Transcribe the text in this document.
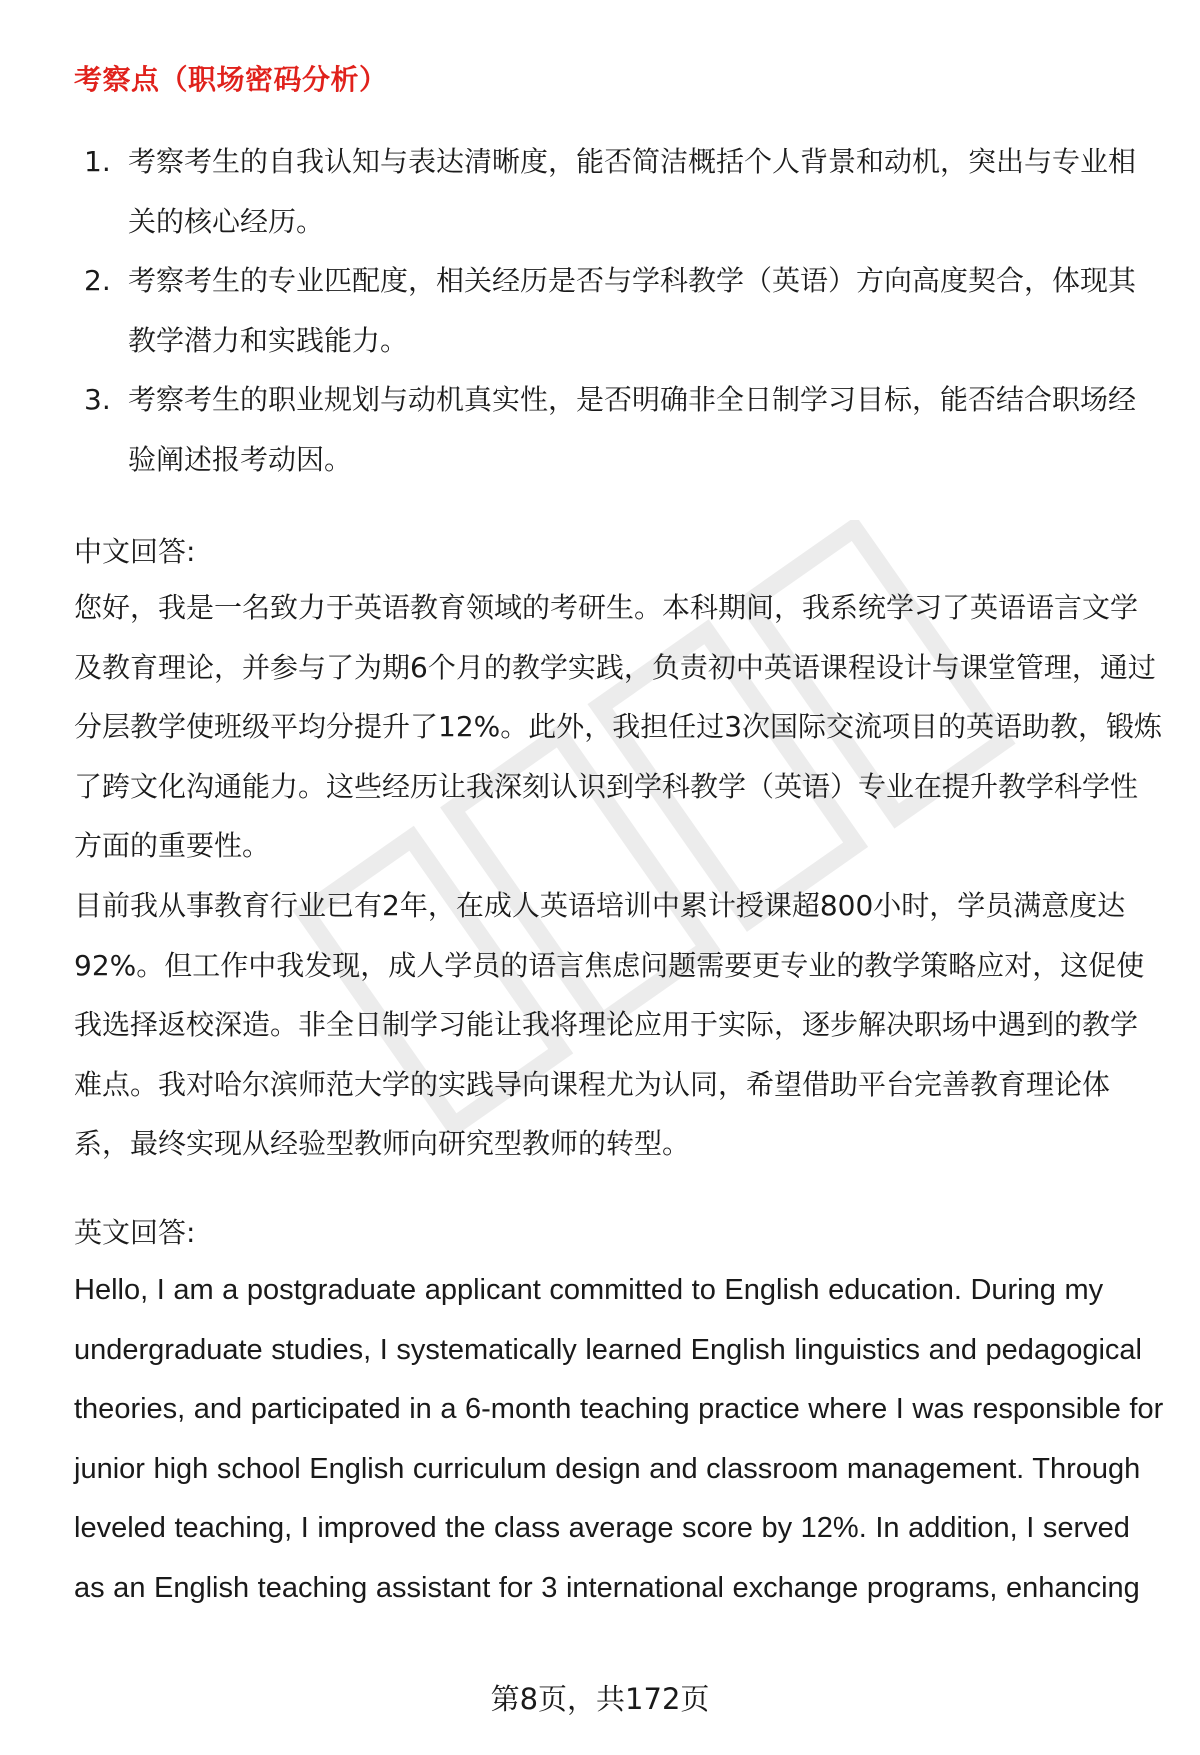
考察点（职场密码分析）
1. 考察考生的自我认知与表达清晰度，能否简洁概括个人背景和动机，突出与专业相关的核心经历。
2. 考察考生的专业匹配度，相关经历是否与学科教学（英语）方向高度契合，体现其教学潜力和实践能力。
3. 考察考生的职业规划与动机真实性，是否明确非全日制学习目标，能否结合职场经验阐述报考动因。
中文回答:

您好，我是一名致力于英语教育领域的考研生。本科期间，我系统学习了英语语言文学及教育理论，并参与了为期6个月的教学实践，负责初中英语课程设计与课堂管理，通过分层教学使班级平均分提升了12%。此外，我担任过3次国际交流项目的英语助教，锻炼了跨文化沟通能力。这些经历让我深刻认识到学科教学（英语）专业在提升教学科学性方面的重要性。

目前我从事教育行业已有2年，在成人英语培训中累计授课超800小时，学员满意度达92%。但工作中我发现，成人学员的语言焦虑问题需要更专业的教学策略应对，这促使我选择返校深造。非全日制学习能让我将理论应用于实际，逐步解决职场中遇到的教学难点。我对哈尔滨师范大学的实践导向课程尤为认同，希望借助平台完善教育理论体系，最终实现从经验型教师向研究型教师的转型。

英文回答:

Hello, I am a postgraduate applicant committed to English education. During my undergraduate studies, I systematically learned English linguistics and pedagogical theories, and participated in a 6-month teaching practice where I was responsible for junior high school English curriculum design and classroom management. Through leveled teaching, I improved the class average score by 12%. In addition, I served as an English teaching assistant for 3 international exchange programs, enhancing

第8页，共172页
